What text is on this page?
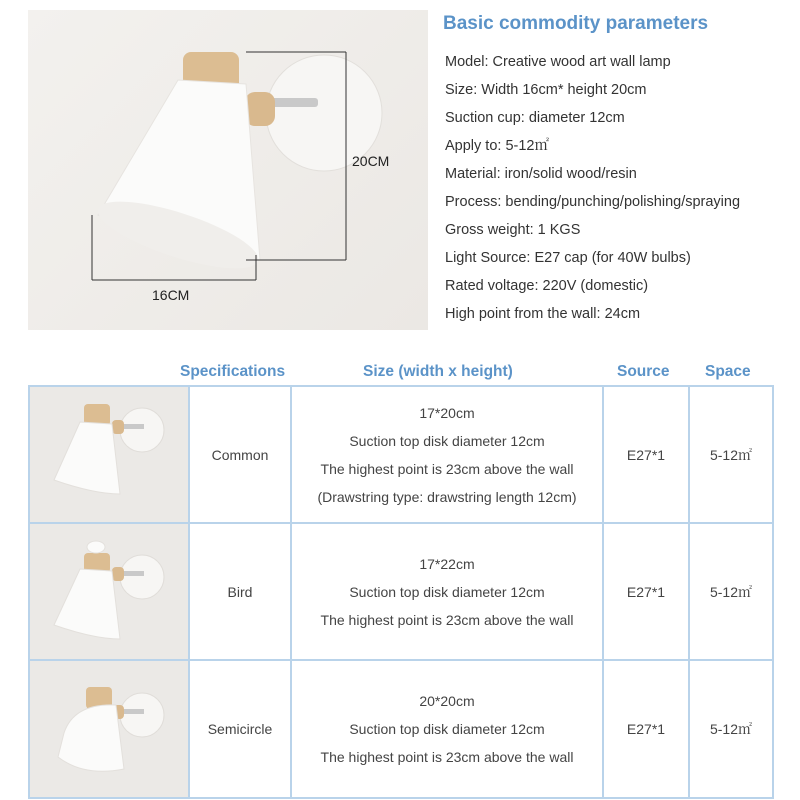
20CM
16CM
Basic commodity parameters
Model: Creative wood art wall lamp
Size: Width 16cm* height 20cm
Suction cup: diameter 12cm
Apply to: 5-12㎡
Material: iron/solid wood/resin
Process: bending/punching/polishing/spraying
Gross weight: 1 KGS
Light Source: E27 cap (for 40W bulbs)
Rated voltage: 220V (domestic)
High point from the wall: 24cm
Specifications	Size (width x height)	Source Space
	Common	17*20cm
Suction top disk diameter 12cm
The highest point is 23cm above the wall
(Drawstring type: drawstring length 12cm)	E27*1	5-12㎡
	Bird	17*22cm
Suction top disk diameter 12cm
The highest point is 23cm above the wall	E27*1	5-12㎡
	Semicircle	20*20cm
Suction top disk diameter 12cm
The highest point is 23cm above the wall	E27*1	5-12㎡
